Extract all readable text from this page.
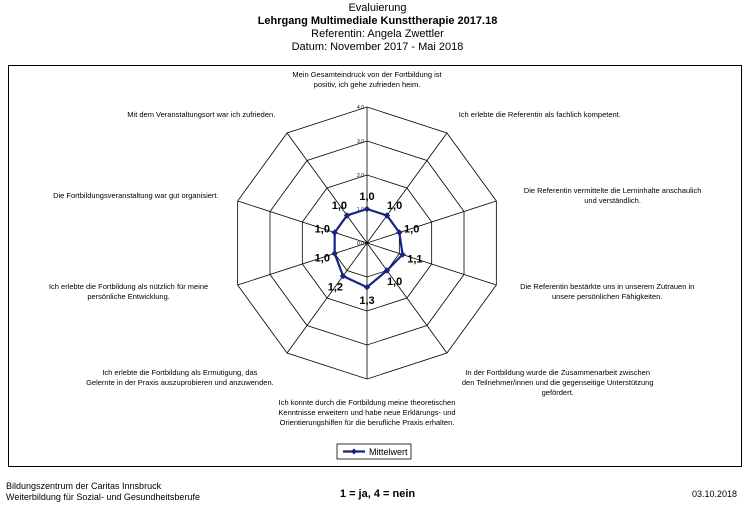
Evaluierung
Lehrgang Multimediale Kunsttherapie 2017.18
Referentin: Angela Zwettler
Datum: November 2017 - Mai 2018
0,0
1,0
2,0
3,0
4,0
Mein Gesamteindruck von der Fortbildung ist positiv, ich gehe zufrieden heim.
Ich erlebte die Referentin als fachlich kompetent.
Die Referentin vermittelte die Lerninhalte anschaulich und verständlich.
Die Referentin bestärkte uns in unserem Zutrauen in unsere persönlichen Fähigkeiten.
In der Fortbildung wurde die Zusammenarbeit zwischen den Teilnehmer/innen und die gegenseitige Unterstützung gefördert.
Ich konnte durch die Fortbildung meine theoretischen Kenntnisse erweitern und habe neue Erklärungs- und Orientierungshilfen für die berufliche Praxis erhalten.
Ich erlebte die Fortbildung als Ermutigung, das Gelernte in der Praxis auszuprobieren und anzuwenden.
Ich erlebte die Fortbildung als nützlich für meine persönliche Entwicklung.
Die Fortbildungsveranstaltung war gut organisiert.
Mit dem Veranstaltungsort war ich zufrieden.
1,0
1,0
1,0
1,1
1,0
1,3
1,2
1,0
1,0
1,0
Mittelwert
Bildungszentrum der Caritas Innsbruck
Weiterbildung für Sozial- und Gesundheitsberufe	1 = ja, 4 = nein	03.10.2018
